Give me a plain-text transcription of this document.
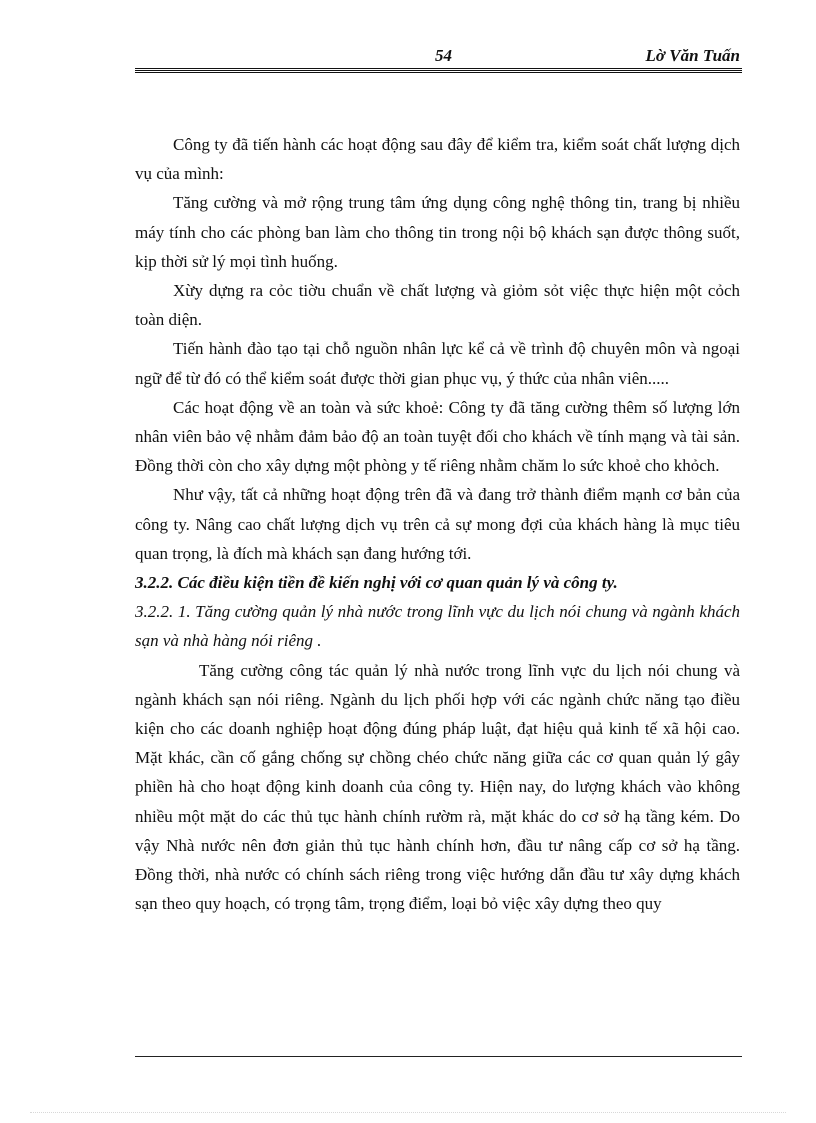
54	Lờ Văn Tuấn

Công ty đã tiến hành các hoạt động sau đây để kiểm tra, kiểm soát chất lượng dịch vụ của mình:

Tăng cường và mở rộng trung tâm ứng dụng công nghệ thông tin, trang bị nhiều máy tính cho các phòng ban làm cho thông tin trong nội bộ khách sạn được thông suốt, kịp thời sử lý mọi tình huống.

Xừy dựng ra cỏc tiờu chuẩn về chất lượng và giỏm sỏt việc thực hiện một cỏch toàn diện.

Tiến hành đào tạo tại chỗ nguồn nhân lực kể cả về trình độ chuyên môn và ngoại ngữ để từ đó có thể kiểm soát được thời gian phục vụ, ý thức của nhân viên.....

Các hoạt động về an toàn và sức khoẻ: Công ty đã tăng cường thêm số lượng lớn nhân viên bảo vệ nhằm đảm bảo độ an toàn tuyệt đối cho khách về tính mạng và tài sản. Đồng thời còn cho xây dựng một phòng y tế riêng nhằm chăm lo sức khoẻ cho khỏch.

Như vậy, tất cả những hoạt động trên đã và đang trở thành điểm mạnh cơ bản của công ty. Nâng cao chất lượng dịch vụ trên cả sự mong đợi của khách hàng là mục tiêu quan trọng, là đích mà khách sạn đang hướng tới.

3.2.2. Các điều kiện tiền đề kiến nghị với cơ quan quản lý và công ty.

3.2.2. 1. Tăng cường quản lý nhà nước trong lĩnh vực du lịch nói chung và ngành khách sạn và nhà hàng nói riêng .

Tăng cường công tác quản lý nhà nước trong lĩnh vực du lịch nói chung và ngành khách sạn nói riêng. Ngành du lịch phối hợp với các ngành chức năng tạo điều kiện cho các doanh nghiệp hoạt động đúng pháp luật, đạt hiệu quả kinh tế xã hội cao. Mặt khác, cần cố gắng chống sự chồng chéo chức năng giữa các cơ quan quản lý gây phiền hà cho hoạt động kinh doanh của công ty. Hiện nay, do lượng khách vào không nhiều một mặt do các thủ tục hành chính rườm rà, mặt khác do cơ sở hạ tầng kém. Do vậy Nhà nước nên đơn giản thủ tục hành chính hơn, đầu tư nâng cấp cơ sở hạ tầng. Đồng thời, nhà nước có chính sách riêng trong việc hướng dẫn đầu tư xây dựng khách sạn theo quy hoạch, có trọng tâm, trọng điểm, loại bỏ việc xây dựng theo quy
